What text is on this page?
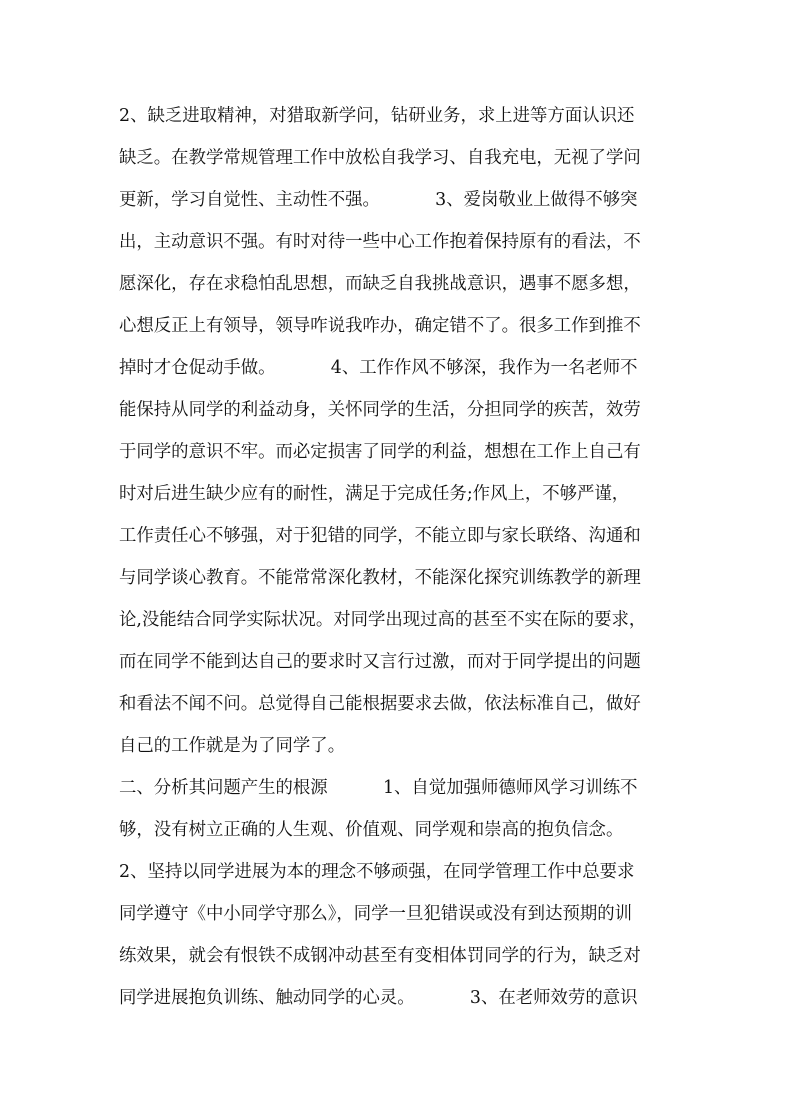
2、缺乏进取精神，对猎取新学问，钻研业务，求上进等方面认识还
缺乏。在教学常规管理工作中放松自我学习、自我充电，无视了学问
更新，学习自觉性、主动性不强。          3、爱岗敬业上做得不够突
出，主动意识不强。有时对待一些中心工作抱着保持原有的看法，不
愿深化，存在求稳怕乱思想，而缺乏自我挑战意识，遇事不愿多想，
心想反正上有领导，领导咋说我咋办，确定错不了。很多工作到推不
掉时才仓促动手做。          4、工作作风不够深，我作为一名老师不
能保持从同学的利益动身，关怀同学的生活，分担同学的疾苦，效劳
于同学的意识不牢。而必定损害了同学的利益，想想在工作上自己有
时对后进生缺少应有的耐性，满足于完成任务;作风上，不够严谨，
工作责任心不够强，对于犯错的同学，不能立即与家长联络、沟通和
与同学谈心教育。不能常常深化教材，不能深化探究训练教学的新理
论,没能结合同学实际状况。对同学出现过高的甚至不实在际的要求，
而在同学不能到达自己的要求时又言行过激，而对于同学提出的问题
和看法不闻不问。总觉得自己能根据要求去做，依法标准自己，做好
自己的工作就是为了同学了。
二、分析其问题产生的根源          1、自觉加强师德师风学习训练不
够，没有树立正确的人生观、价值观、同学观和崇高的抱负信念。
2、坚持以同学进展为本的理念不够顽强，在同学管理工作中总要求
同学遵守《中小同学守那么》，同学一旦犯错误或没有到达预期的训
练效果，就会有恨铁不成钢冲动甚至有变相体罚同学的行为，缺乏对
同学进展抱负训练、触动同学的心灵。          3、在老师效劳的意识
